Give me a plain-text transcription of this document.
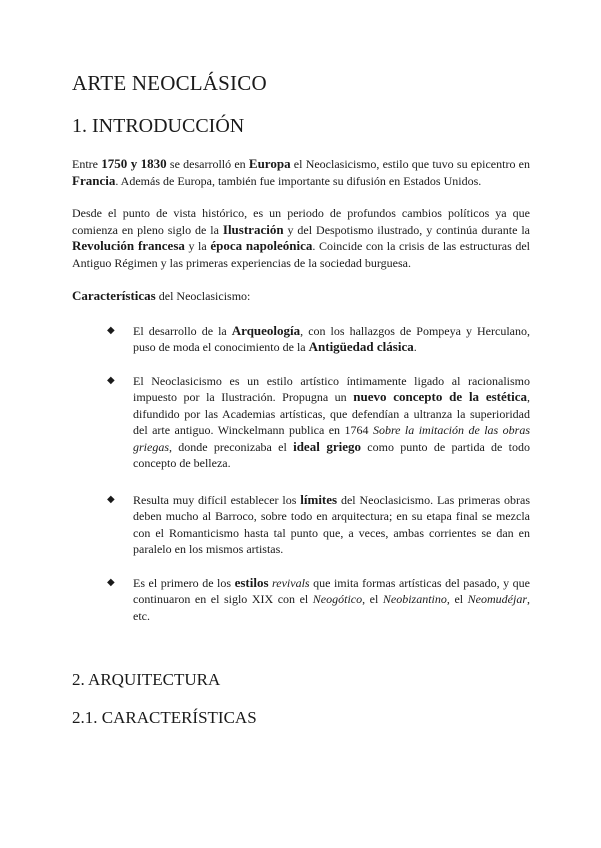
ARTE NEOCLÁSICO
1. INTRODUCCIÓN

Entre 1750 y 1830 se desarrolló en Europa el Neoclasicismo, estilo que tuvo su epicentro en Francia. Además de Europa, también fue importante su difusión en Estados Unidos.

Desde el punto de vista histórico, es un periodo de profundos cambios políticos ya que comienza en pleno siglo de la Ilustración y del Despotismo ilustrado, y continúa durante la Revolución francesa y la época napoleónica. Coincide con la crisis de las estructuras del Antiguo Régimen y las primeras experiencias de la sociedad burguesa.

Características del Neoclasicismo:

◆ El desarrollo de la Arqueología, con los hallazgos de Pompeya y Herculano, puso de moda el conocimiento de la Antigüedad clásica.
◆ El Neoclasicismo es un estilo artístico íntimamente ligado al racionalismo impuesto por la Ilustración. Propugna un nuevo concepto de la estética, difundido por las Academias artísticas, que defendían a ultranza la superioridad del arte antiguo. Winckelmann publica en 1764 Sobre la imitación de las obras griegas, donde preconizaba el ideal griego como punto de partida de todo concepto de belleza.
◆ Resulta muy difícil establecer los límites del Neoclasicismo. Las primeras obras deben mucho al Barroco, sobre todo en arquitectura; en su etapa final se mezcla con el Romanticismo hasta tal punto que, a veces, ambas corrientes se dan en paralelo en los mismos artistas.
◆ Es el primero de los estilos revivals que imita formas artísticas del pasado, y que continuaron en el siglo XIX con el Neogótico, el Neobizantino, el Neomudéjar, etc.
2. ARQUITECTURA
2.1. CARACTERÍSTICAS
